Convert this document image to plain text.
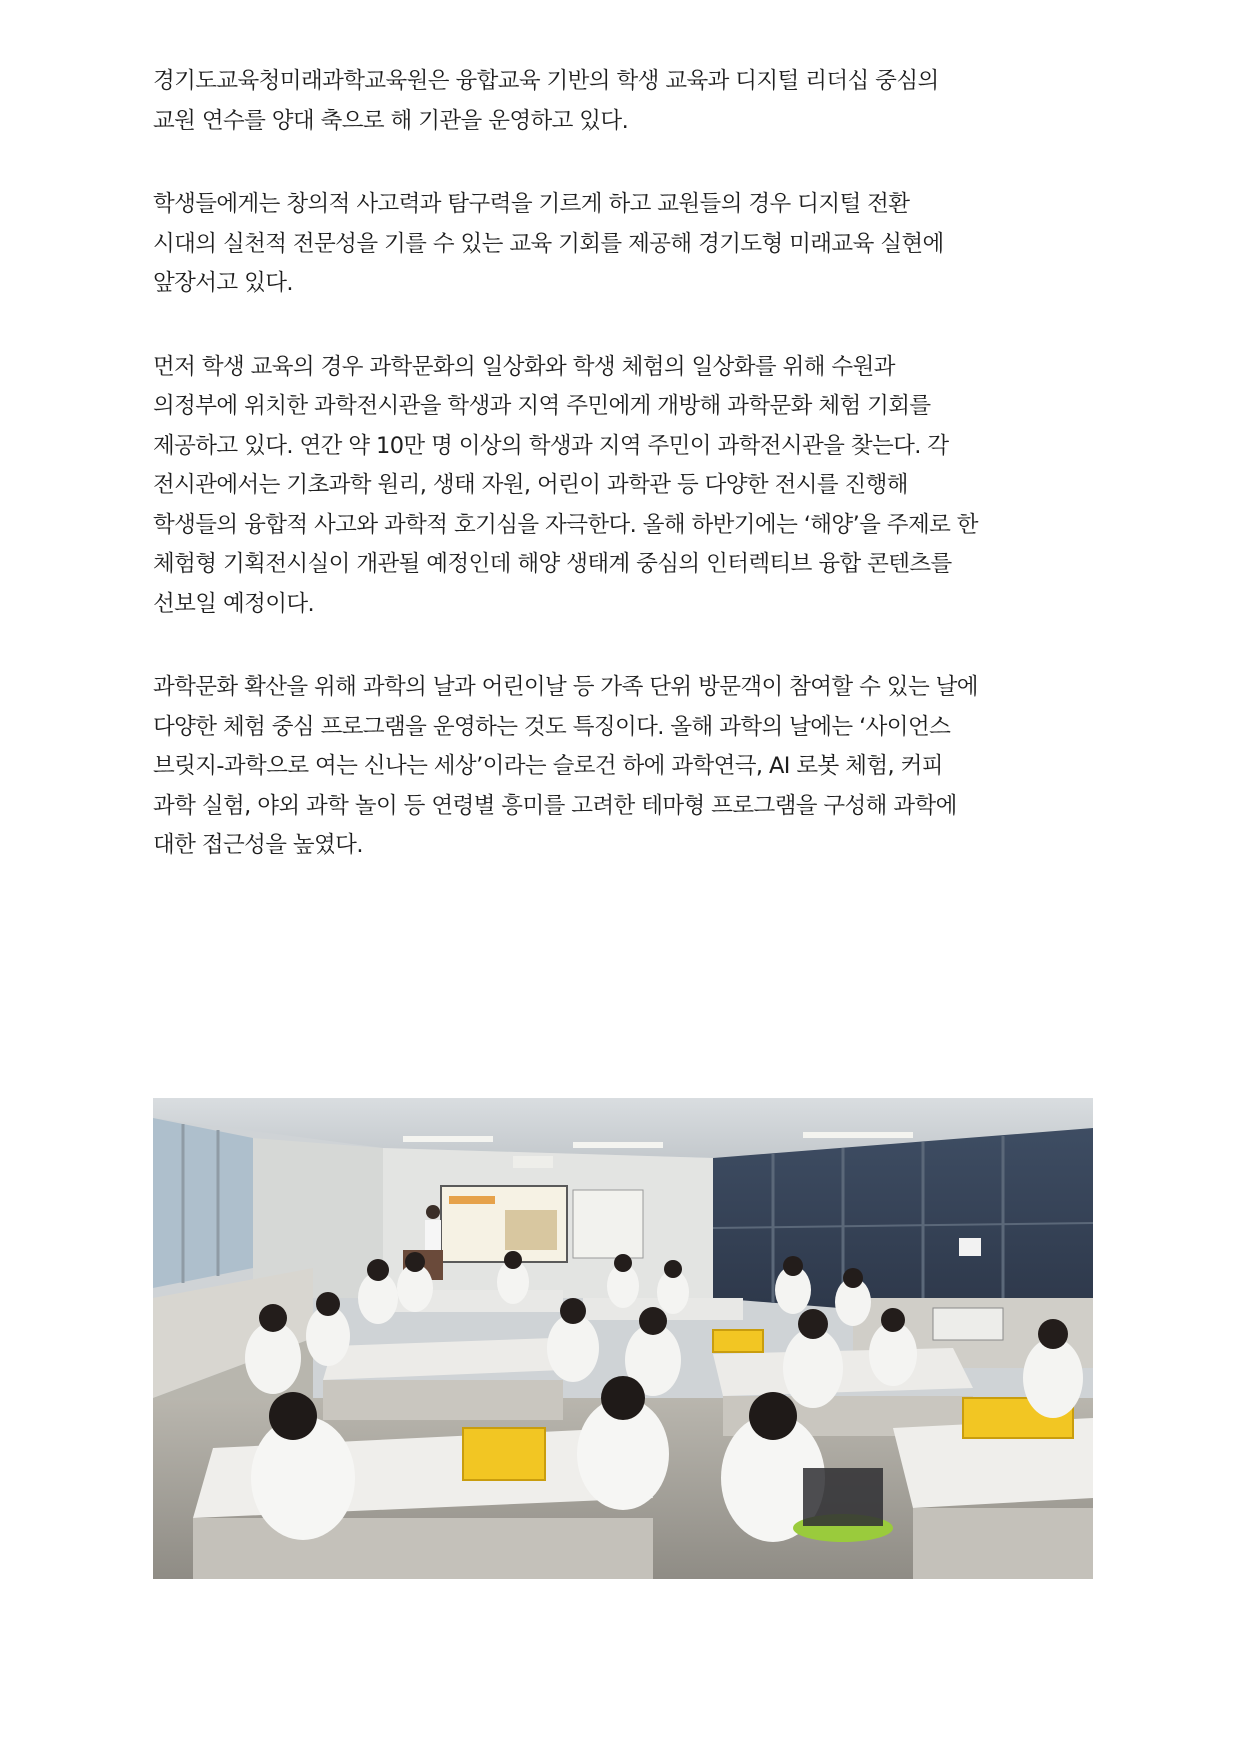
경기도교육청미래과학교육원은 융합교육 기반의 학생 교육과 디지털 리더십 중심의
교원 연수를 양대 축으로 해 기관을 운영하고 있다.
학생들에게는 창의적 사고력과 탐구력을 기르게 하고 교원들의 경우 디지털 전환
시대의 실천적 전문성을 기를 수 있는 교육 기회를 제공해 경기도형 미래교육 실현에
앞장서고 있다.
먼저 학생 교육의 경우 과학문화의 일상화와 학생 체험의 일상화를 위해 수원과
의정부에 위치한 과학전시관을 학생과 지역 주민에게 개방해 과학문화 체험 기회를
제공하고 있다. 연간 약 10만 명 이상의 학생과 지역 주민이 과학전시관을 찾는다. 각
전시관에서는 기초과학 원리, 생태 자원, 어린이 과학관 등 다양한 전시를 진행해
학생들의 융합적 사고와 과학적 호기심을 자극한다. 올해 하반기에는 ‘해양’을 주제로 한
체험형 기획전시실이 개관될 예정인데 해양 생태계 중심의 인터렉티브 융합 콘텐츠를
선보일 예정이다.
과학문화 확산을 위해 과학의 날과 어린이날 등 가족 단위 방문객이 참여할 수 있는 날에
다양한 체험 중심 프로그램을 운영하는 것도 특징이다. 올해 과학의 날에는 ‘사이언스
브릿지-과학으로 여는 신나는 세상’이라는 슬로건 하에 과학연극, AI 로봇 체험, 커피
과학 실험, 야외 과학 놀이 등 연령별 흥미를 고려한 테마형 프로그램을 구성해 과학에
대한 접근성을 높였다.
